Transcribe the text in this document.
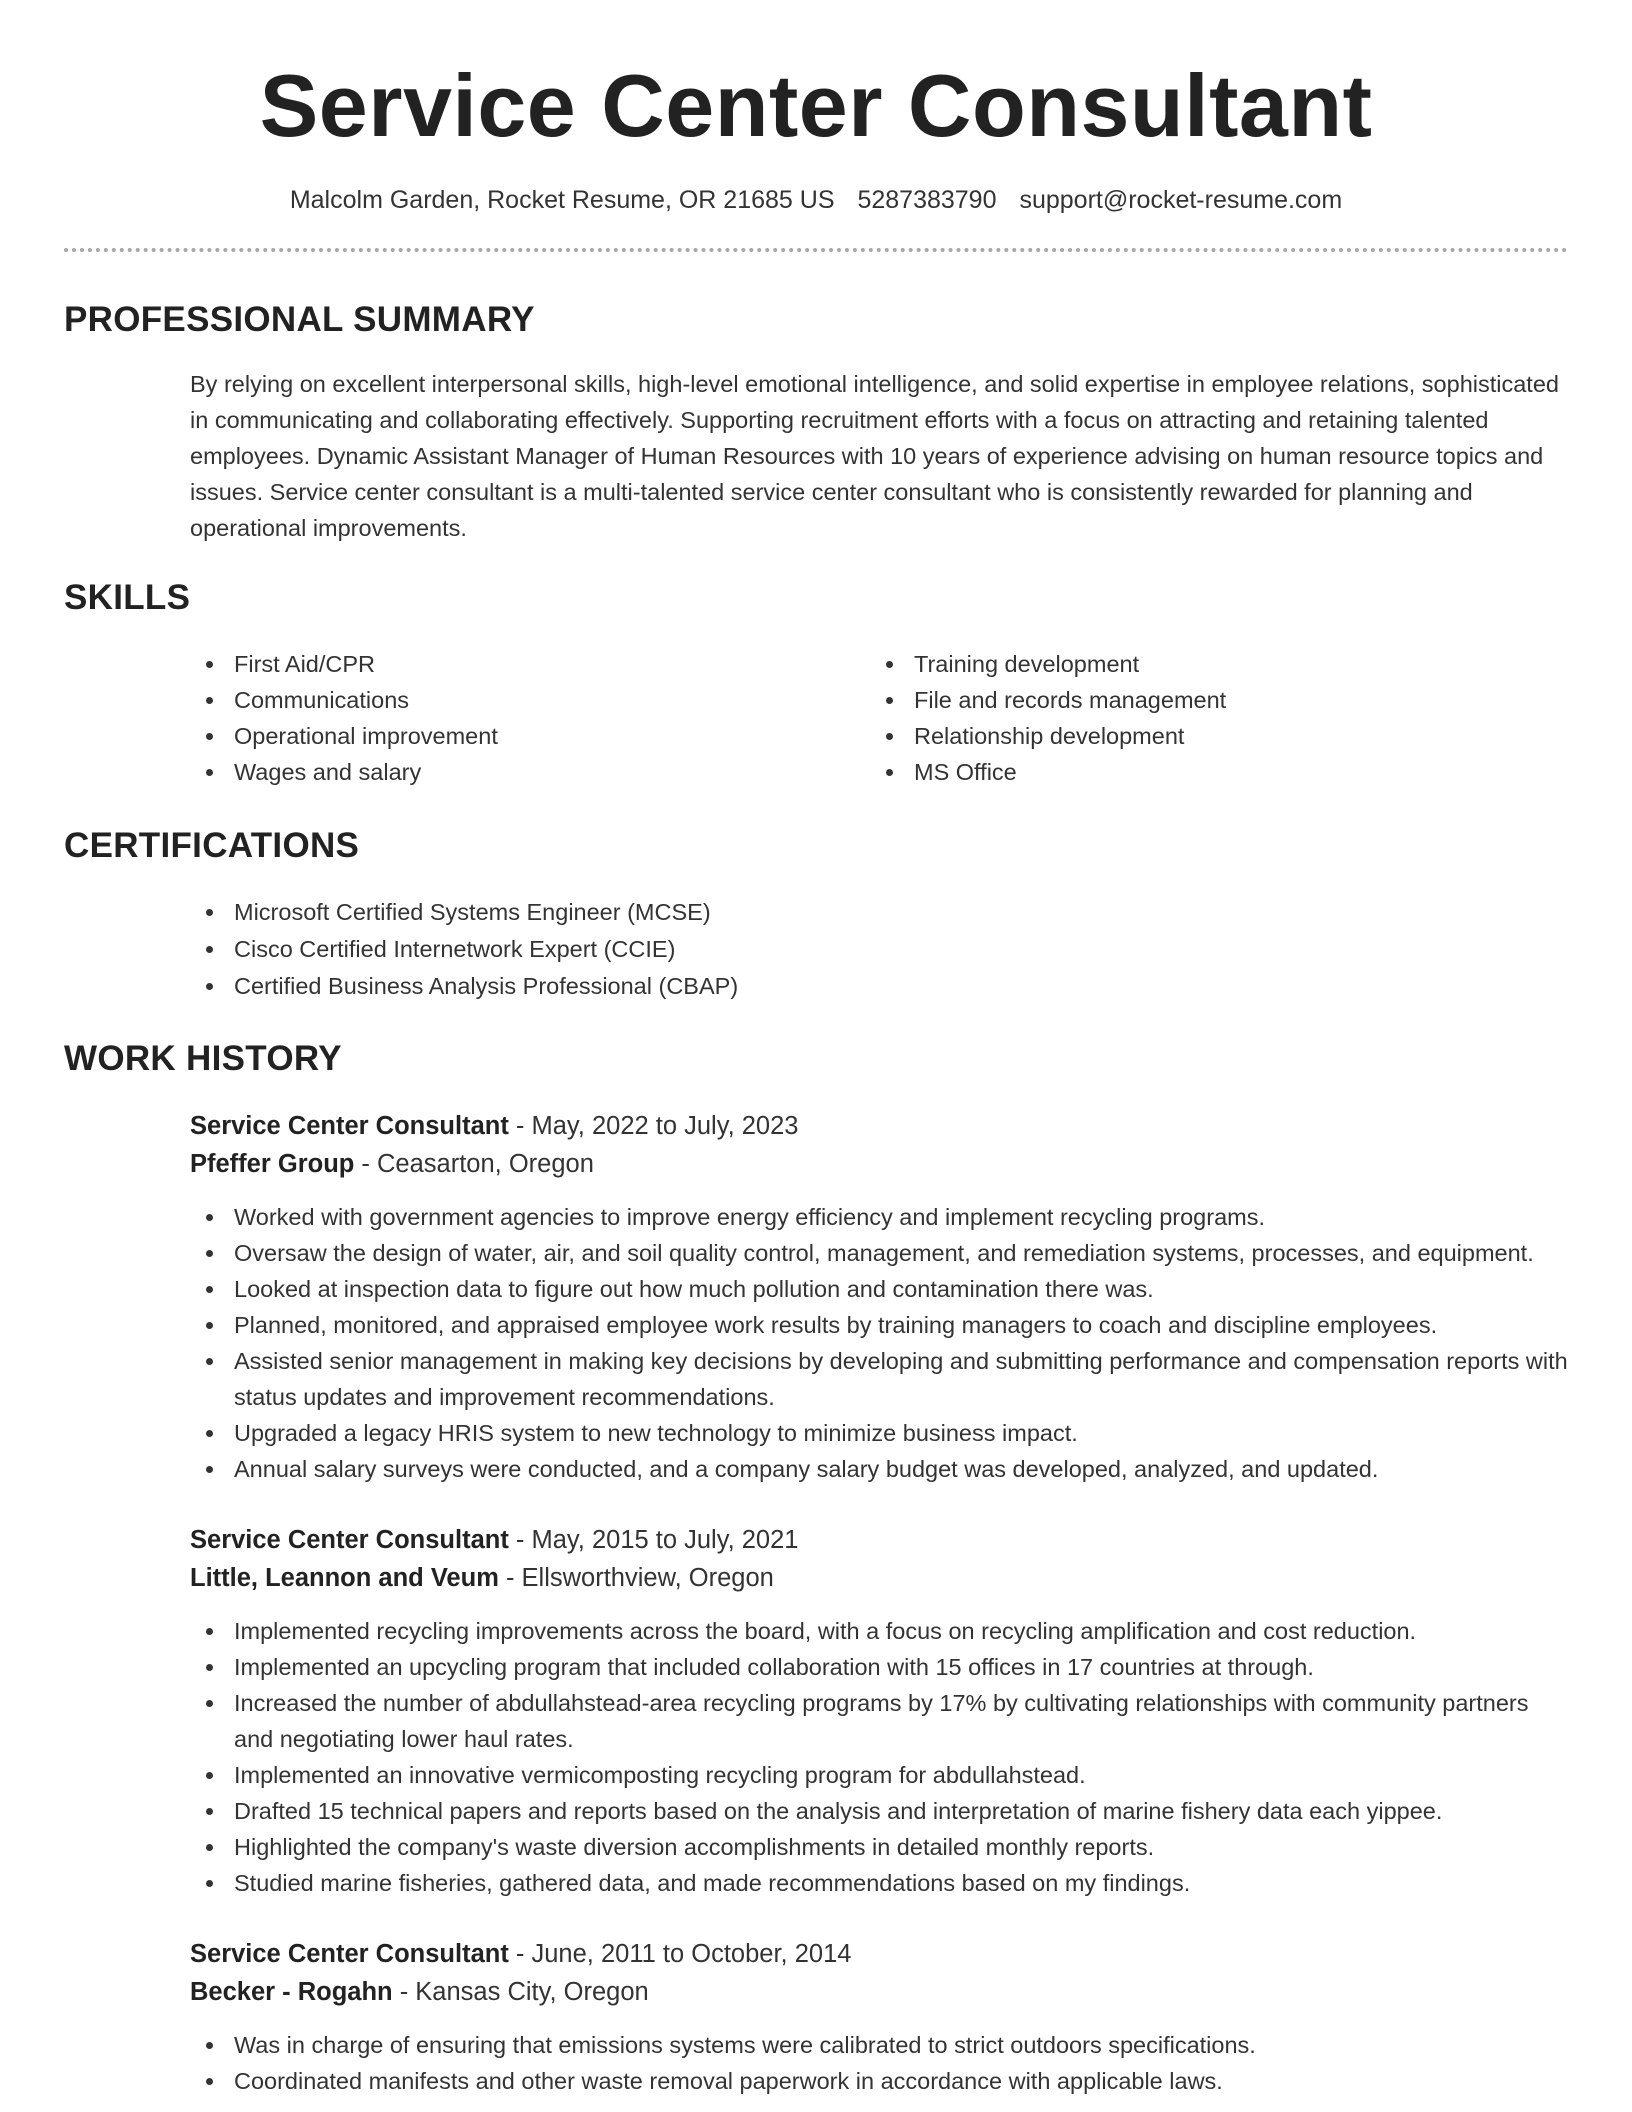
Service Center Consultant
Malcolm Garden, Rocket Resume, OR 21685 US 5287383790 support@rocket-resume.com
PROFESSIONAL SUMMARY

By relying on excellent interpersonal skills, high-level emotional intelligence, and solid expertise in employee relations, sophisticated in communicating and collaborating effectively. Supporting recruitment efforts with a focus on attracting and retaining talented employees. Dynamic Assistant Manager of Human Resources with 10 years of experience advising on human resource topics and issues. Service center consultant is a multi-talented service center consultant who is consistently rewarded for planning and operational improvements.

SKILLS
First Aid/CPR
Communications
Operational improvement
Wages and salary
Training development
File and records management
Relationship development
MS Office
CERTIFICATIONS
Microsoft Certified Systems Engineer (MCSE)
Cisco Certified Internetwork Expert (CCIE)
Certified Business Analysis Professional (CBAP)
WORK HISTORY
Service Center Consultant - May, 2022 to July, 2023
Pfeffer Group - Ceasarton, Oregon
Worked with government agencies to improve energy efficiency and implement recycling programs.
Oversaw the design of water, air, and soil quality control, management, and remediation systems, processes, and equipment.
Looked at inspection data to figure out how much pollution and contamination there was.
Planned, monitored, and appraised employee work results by training managers to coach and discipline employees.
Assisted senior management in making key decisions by developing and submitting performance and compensation reports with status updates and improvement recommendations.
Upgraded a legacy HRIS system to new technology to minimize business impact.
Annual salary surveys were conducted, and a company salary budget was developed, analyzed, and updated.
Service Center Consultant - May, 2015 to July, 2021
Little, Leannon and Veum - Ellsworthview, Oregon
Implemented recycling improvements across the board, with a focus on recycling amplification and cost reduction.
Implemented an upcycling program that included collaboration with 15 offices in 17 countries at through.
Increased the number of abdullahstead-area recycling programs by 17% by cultivating relationships with community partners and negotiating lower haul rates.
Implemented an innovative vermicomposting recycling program for abdullahstead.
Drafted 15 technical papers and reports based on the analysis and interpretation of marine fishery data each yippee.
Highlighted the company's waste diversion accomplishments in detailed monthly reports.
Studied marine fisheries, gathered data, and made recommendations based on my findings.
Service Center Consultant - June, 2011 to October, 2014
Becker - Rogahn - Kansas City, Oregon
Was in charge of ensuring that emissions systems were calibrated to strict outdoors specifications.
Coordinated manifests and other waste removal paperwork in accordance with applicable laws.
